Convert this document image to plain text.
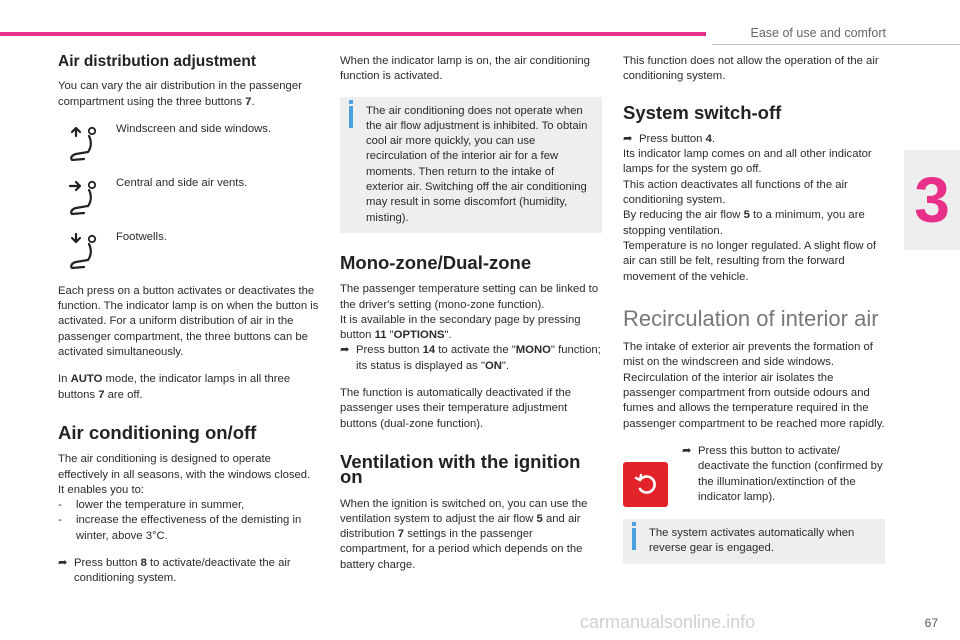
Ease of use and comfort
3
67
carmanualsonline.info
Air distribution adjustment

You can vary the air distribution in the passenger compartment using the three buttons 7.

Windscreen and side windows.
Central and side air vents.
Footwells.

Each press on a button activates or deactivates the function. The indicator lamp is on when the button is activated. For a uniform distribution of air in the passenger compartment, the three buttons can be activated simultaneously.

In AUTO mode, the indicator lamps in all three buttons 7 are off.

Air conditioning on/off

The air conditioning is designed to operate effectively in all seasons, with the windows closed.

It enables you to:
-	lower the temperature in summer,
-	increase the effectiveness of the demisting in winter, above 3°C.
➦ Press button 8 to activate/deactivate the air conditioning system.

When the indicator lamp is on, the air conditioning function is activated.

The air conditioning does not operate when the air flow adjustment is inhibited. To obtain cool air more quickly, you can use recirculation of the interior air for a few moments. Then return to the intake of exterior air. Switching off the air conditioning may result in some discomfort (humidity, misting).
Mono-zone/Dual-zone

The passenger temperature setting can be linked to the driver's setting (mono-zone function).

It is available in the secondary page by pressing button 11 "OPTIONS".
➦ Press button 14 to activate the "MONO" function; its status is displayed as "ON".

The function is automatically deactivated if the passenger uses their temperature adjustment buttons (dual-zone function).

Ventilation with the ignition on

When the ignition is switched on, you can use the ventilation system to adjust the air flow 5 and air distribution 7 settings in the passenger compartment, for a period which depends on the battery charge.

This function does not allow the operation of the air conditioning system.

System switch-off
➦ Press button 4.
Its indicator lamp comes on and all other indicator lamps for the system go off.
This action deactivates all functions of the air conditioning system.
By reducing the air flow 5 to a minimum, you are stopping ventilation.

Temperature is no longer regulated. A slight flow of air can still be felt, resulting from the forward movement of the vehicle.

Recirculation of interior air

The intake of exterior air prevents the formation of mist on the windscreen and side windows. Recirculation of the interior air isolates the passenger compartment from outside odours and fumes and allows the temperature required in the passenger compartment to be reached more rapidly.

➦ Press this button to activate/ deactivate the function (confirmed by the illumination/extinction of the indicator lamp).
The system activates automatically when reverse gear is engaged.
